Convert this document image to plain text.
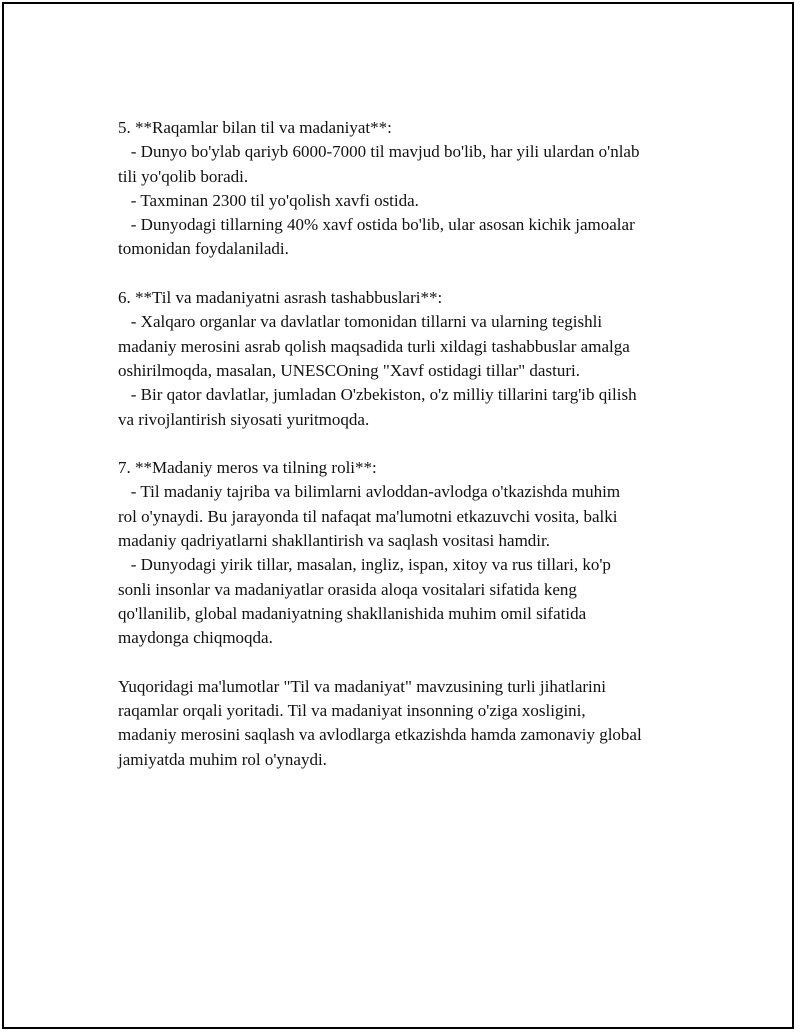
5. **Raqamlar bilan til va madaniyat**:
- Dunyo bo'ylab qariyb 6000-7000 til mavjud bo'lib, har yili ulardan o'nlab
tili yo'qolib boradi.
- Taxminan 2300 til yo'qolish xavfi ostida.
- Dunyodagi tillarning 40% xavf ostida bo'lib, ular asosan kichik jamoalar
tomonidan foydalaniladi.
6. **Til va madaniyatni asrash tashabbuslari**:
- Xalqaro organlar va davlatlar tomonidan tillarni va ularning tegishli
madaniy merosini asrab qolish maqsadida turli xildagi tashabbuslar amalga
oshirilmoqda, masalan, UNESCOning "Xavf ostidagi tillar" dasturi.
- Bir qator davlatlar, jumladan O'zbekiston, o'z milliy tillarini targ'ib qilish
va rivojlantirish siyosati yuritmoqda.
7. **Madaniy meros va tilning roli**:
- Til madaniy tajriba va bilimlarni avloddan-avlodga o'tkazishda muhim
rol o'ynaydi. Bu jarayonda til nafaqat ma'lumotni etkazuvchi vosita, balki
madaniy qadriyatlarni shakllantirish va saqlash vositasi hamdir.
- Dunyodagi yirik tillar, masalan, ingliz, ispan, xitoy va rus tillari, ko'p
sonli insonlar va madaniyatlar orasida aloqa vositalari sifatida keng
qo'llanilib, global madaniyatning shakllanishida muhim omil sifatida
maydonga chiqmoqda.
Yuqoridagi ma'lumotlar "Til va madaniyat" mavzusining turli jihatlarini
raqamlar orqali yoritadi. Til va madaniyat insonning o'ziga xosligini,
madaniy merosini saqlash va avlodlarga etkazishda hamda zamonaviy global
jamiyatda muhim rol o'ynaydi.
